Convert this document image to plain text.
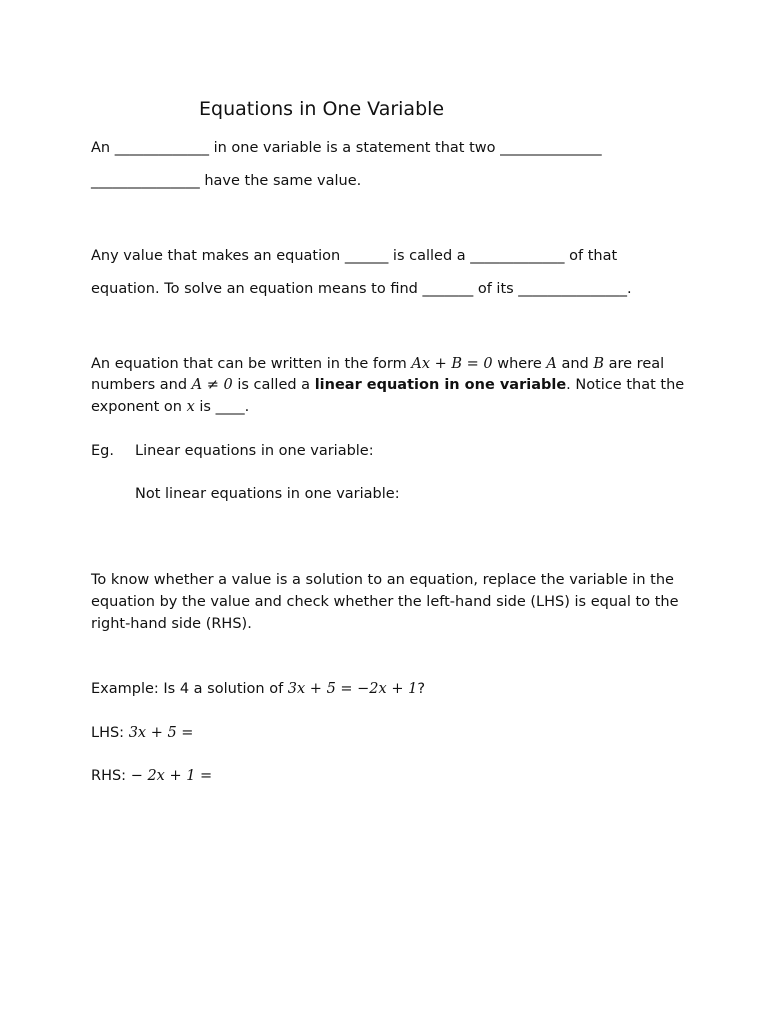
Equations in One Variable
An _____________ in one variable is a statement that two ______________
_______________ have the same value.
Any value that makes an equation ______ is called a _____________ of that
equation. To solve an equation means to find _______ of its _______________.
An equation that can be written in the form Ax + B = 0 where A and B are real
numbers and A ≠ 0 is called a linear equation in one variable. Notice that the
exponent on x is ____.
Eg. Linear equations in one variable:
Not linear equations in one variable:
To know whether a value is a solution to an equation, replace the variable in the
equation by the value and check whether the left-hand side (LHS) is equal to the
right-hand side (RHS).
Example: Is 4 a solution of 3x + 5 = −2x + 1?
LHS: 3x + 5 =
RHS: − 2x + 1 =
